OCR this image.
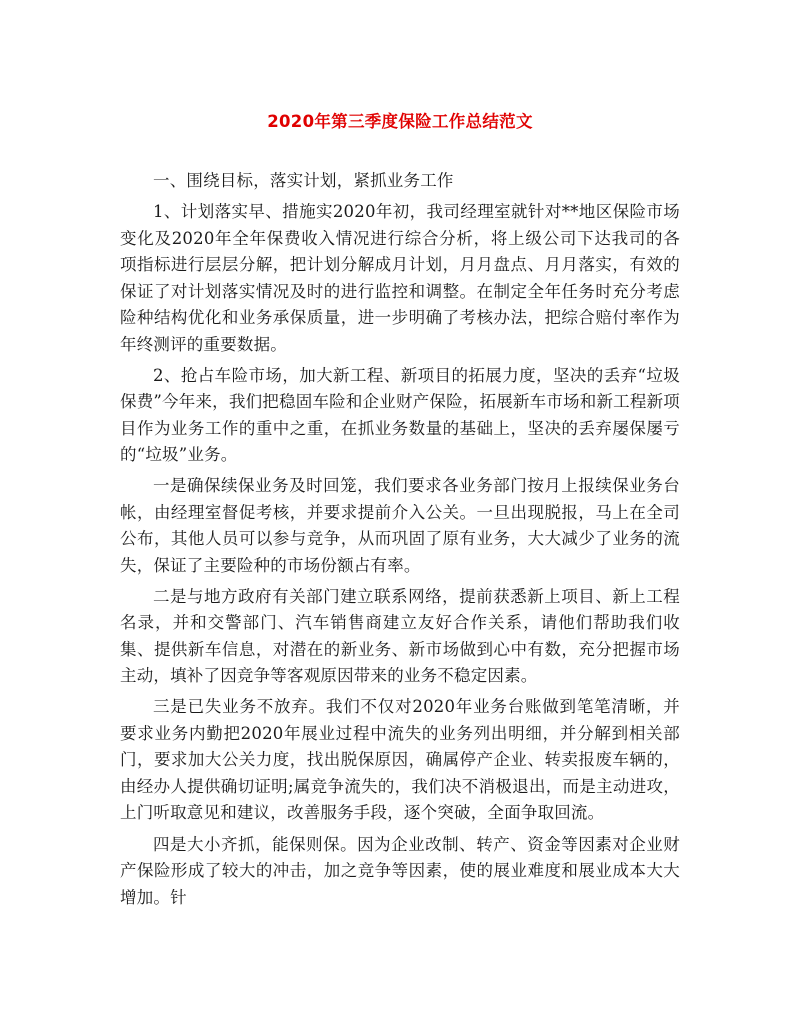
2020年第三季度保险工作总结范文

一、围绕目标，落实计划，紧抓业务工作

1、计划落实早、措施实2020年初，我司经理室就针对**地区保险市场变化及2020年全年保费收入情况进行综合分析，将上级公司下达我司的各项指标进行层层分解，把计划分解成月计划，月月盘点、月月落实，有效的保证了对计划落实情况及时的进行监控和调整。在制定全年任务时充分考虑险种结构优化和业务承保质量，进一步明确了考核办法，把综合赔付率作为年终测评的重要数据。

2、抢占车险市场，加大新工程、新项目的拓展力度，坚决的丢弃“垃圾保费”今年来，我们把稳固车险和企业财产保险，拓展新车市场和新工程新项目作为业务工作的重中之重，在抓业务数量的基础上，坚决的丢弃屡保屡亏的“垃圾”业务。

一是确保续保业务及时回笼，我们要求各业务部门按月上报续保业务台帐，由经理室督促考核，并要求提前介入公关。一旦出现脱报，马上在全司公布，其他人员可以参与竞争，从而巩固了原有业务，大大减少了业务的流失，保证了主要险种的市场份额占有率。

二是与地方政府有关部门建立联系网络，提前获悉新上项目、新上工程名录，并和交警部门、汽车销售商建立友好合作关系，请他们帮助我们收集、提供新车信息，对潜在的新业务、新市场做到心中有数，充分把握市场主动，填补了因竞争等客观原因带来的业务不稳定因素。

三是已失业务不放弃。我们不仅对2020年业务台账做到笔笔清晰，并要求业务内勤把2020年展业过程中流失的业务列出明细，并分解到相关部门，要求加大公关力度，找出脱保原因，确属停产企业、转卖报废车辆的，由经办人提供确切证明;属竞争流失的，我们决不消极退出，而是主动进攻，上门听取意见和建议，改善服务手段，逐个突破，全面争取回流。

四是大小齐抓，能保则保。因为企业改制、转产、资金等因素对企业财产保险形成了较大的冲击，加之竞争等因素，使的展业难度和展业成本大大增加。针
